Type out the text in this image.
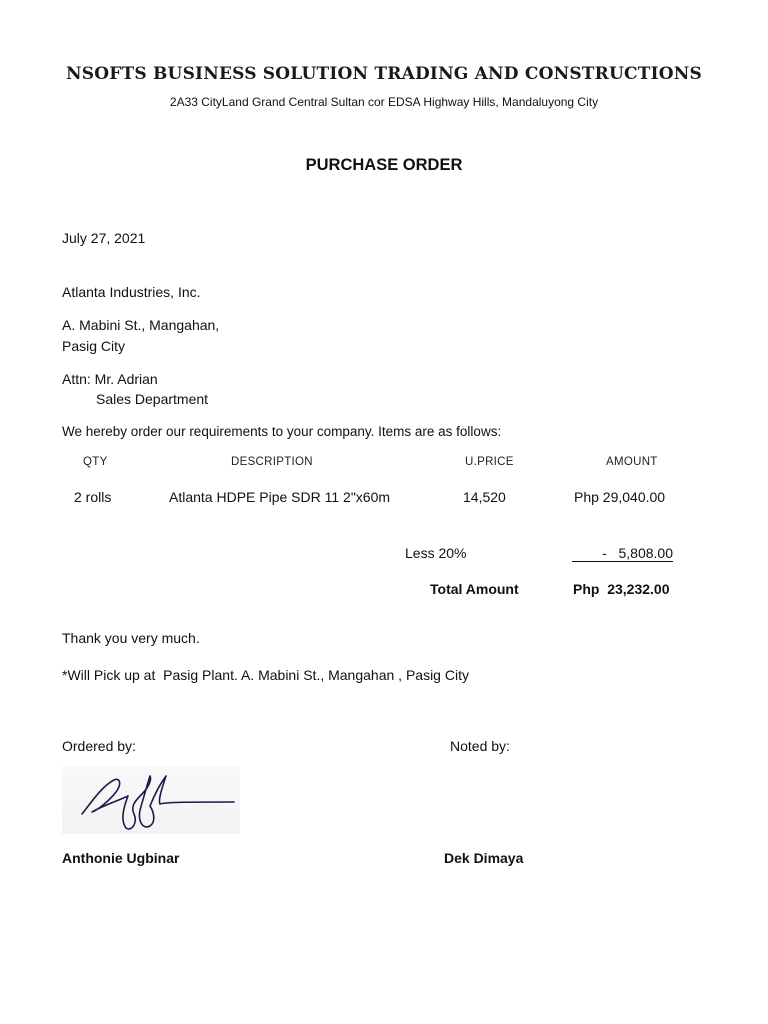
NSOFTS BUSINESS SOLUTION TRADING AND CONSTRUCTIONS
2A33 CityLand Grand Central Sultan cor EDSA Highway Hills, Mandaluyong City
PURCHASE ORDER
July 27, 2021
Atlanta Industries, Inc.
A. Mabini St., Mangahan,
Pasig City
Attn: Mr. Adrian
Sales Department
We hereby order our requirements to your company. Items are as follows:
QTY	DESCRIPTION	U.PRICE	AMOUNT
2 rolls	Atlanta HDPE Pipe SDR 11 2"x60m	14,520	Php 29,040.00
Less 20%	-   5,808.00
Total Amount	Php  23,232.00
Thank you very much.
*Will Pick up at  Pasig Plant. A. Mabini St., Mangahan , Pasig City
Ordered by:	Noted by:
Anthonie Ugbinar	Dek Dimaya
